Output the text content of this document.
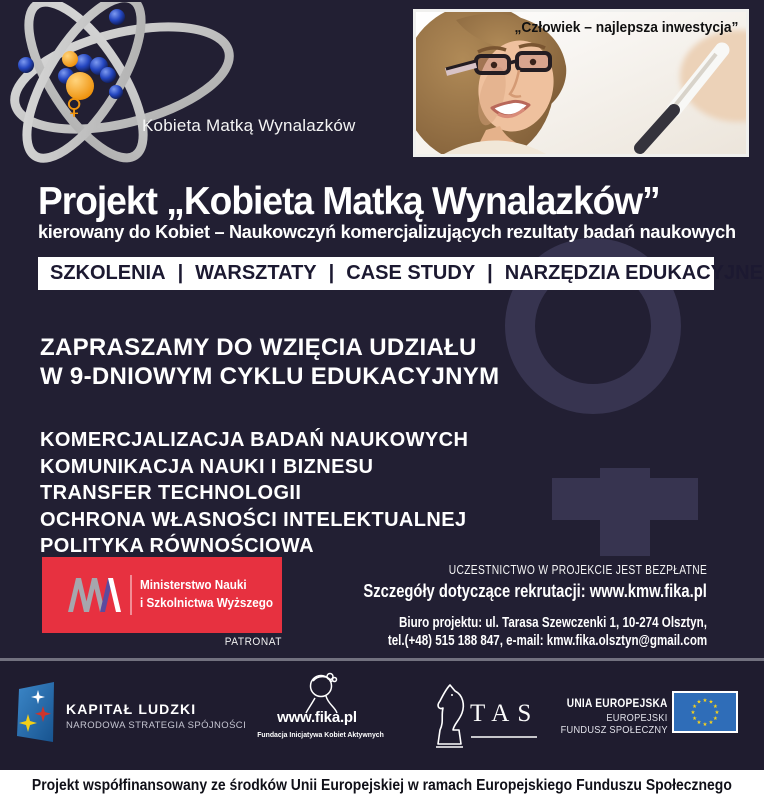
♀
Kobieta Matką Wynalazków
„Człowiek – najlepsza inwestycja”
Projekt „Kobieta Matką Wynalazków”
kierowany do Kobiet – Naukowczyń komercjalizujących rezultaty badań naukowych
SZKOLENIA | WARSZTATY | CASE STUDY | NARZĘDZIA EDUKACYJNE
ZAPRASZAMY DO WZIĘCIA UDZIAŁU
W 9-DNIOWYM CYKLU EDUKACYJNYM
KOMERCJALIZACJA BADAŃ NAUKOWYCH
KOMUNIKACJA NAUKI I BIZNESU
TRANSFER TECHNOLOGII
OCHRONA WŁASNOŚCI INTELEKTUALNEJ
POLITYKA RÓWNOŚCIOWA
Ministerstwo Nauki
i Szkolnictwa Wyższego
PATRONAT
UCZESTNICTWO W PROJEKCIE JEST BEZPŁATNE
Szczegóły dotyczące rekrutacji: www.kmw.fika.pl
Biuro projektu: ul. Tarasa Szewczenki 1, 10-274 Olsztyn,
tel.(+48) 515 188 847, e-mail: kmw.fika.olsztyn@gmail.com
KAPITAŁ LUDZKI
NARODOWA STRATEGIA SPÓJNOŚCI	www.fika.pl
Fundacja Inicjatywa Kobiet Aktywnych
TAS UNIA EUROPEJSKA
EUROPEJSKI
FUNDUSZ SPOŁECZNY
★ ★
★
★
★
★
★
★
★
★
★
★
Projekt współfinansowany ze środków Unii Europejskiej w ramach Europejskiego Funduszu Społecznego
